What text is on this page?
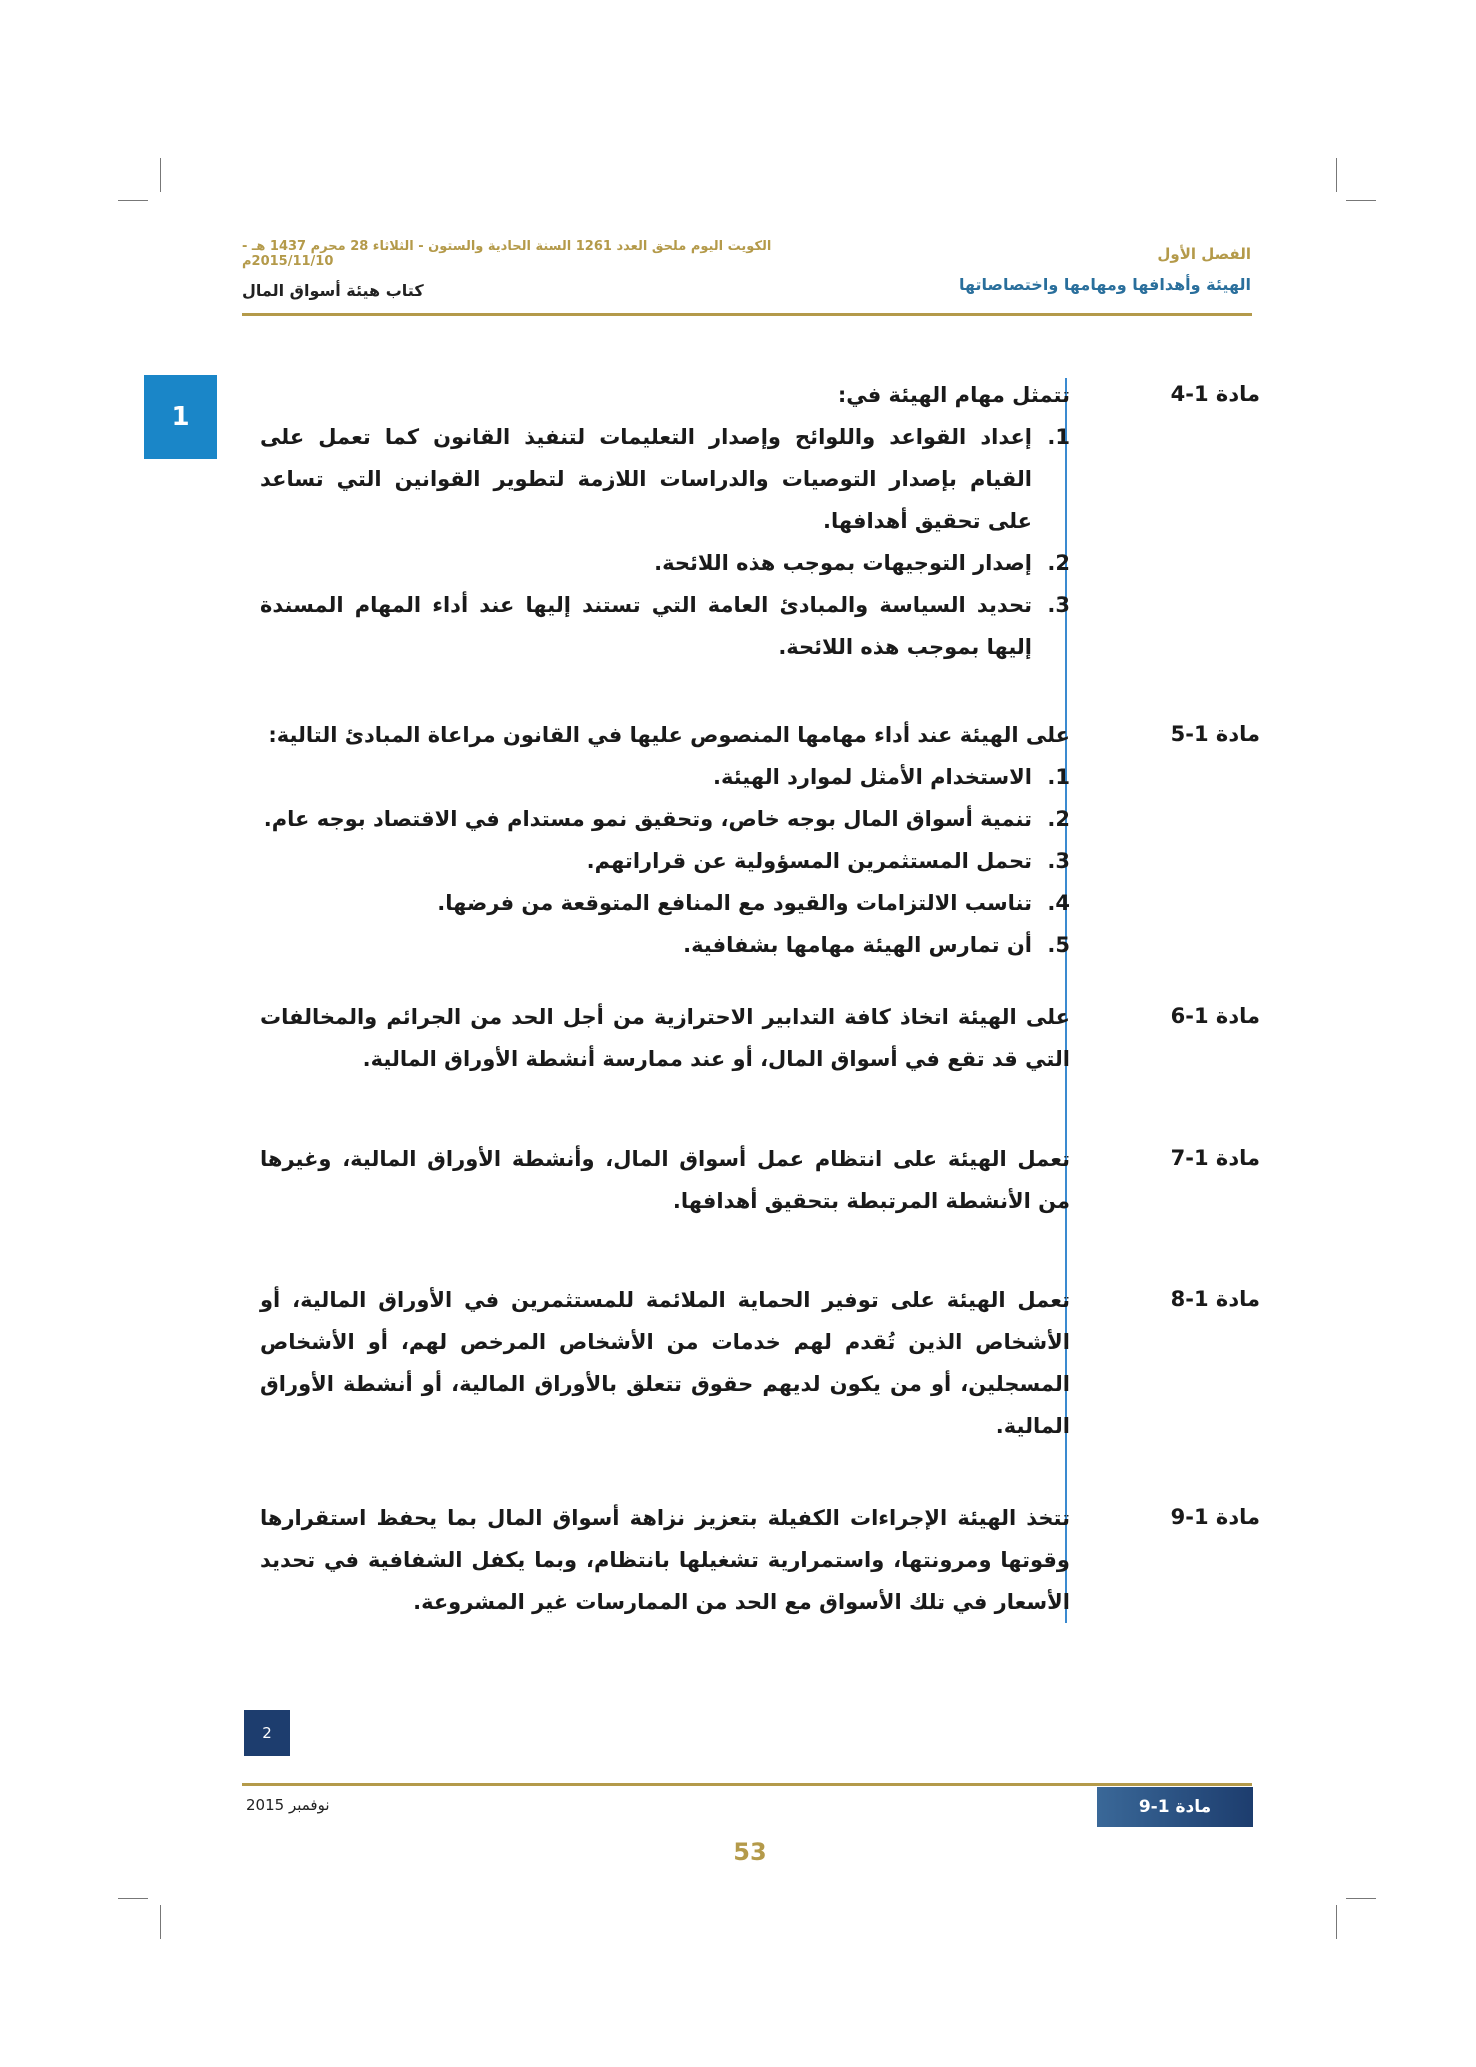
الفصل الأول
الهيئة وأهدافها ومهامها واختصاصاتها
الكويت اليوم ملحق العدد 1261 السنة الحادية والستون - الثلاثاء 28 محرم 1437 هـ - 2015/11/10م
كتاب هيئة أسواق المال
1
مادة 1-4

تتمثل مهام الهيئة في:

1.
إعداد القواعد واللوائح وإصدار التعليمات لتنفيذ القانون كما تعمل على القيام بإصدار التوصيات والدراسات اللازمة لتطوير القوانين التي تساعد على تحقيق أهدافها.
2.
إصدار التوجيهات بموجب هذه اللائحة.
3.
تحديد السياسة والمبادئ العامة التي تستند إليها عند أداء المهام المسندة إليها بموجب هذه اللائحة.
مادة 1-5

على الهيئة عند أداء مهامها المنصوص عليها في القانون مراعاة المبادئ التالية:

1.
الاستخدام الأمثل لموارد الهيئة.
2.
تنمية أسواق المال بوجه خاص، وتحقيق نمو مستدام في الاقتصاد بوجه عام.
3.
تحمل المستثمرين المسؤولية عن قراراتهم.
4.
تناسب الالتزامات والقيود مع المنافع المتوقعة من فرضها.
5.
أن تمارس الهيئة مهامها بشفافية.
مادة 1-6

على الهيئة اتخاذ كافة التدابير الاحترازية من أجل الحد من الجرائم والمخالفات التي قد تقع في أسواق المال، أو عند ممارسة أنشطة الأوراق المالية.

مادة 1-7

تعمل الهيئة على انتظام عمل أسواق المال، وأنشطة الأوراق المالية، وغيرها من الأنشطة المرتبطة بتحقيق أهدافها.

مادة 1-8

تعمل الهيئة على توفير الحماية الملائمة للمستثمرين في الأوراق المالية، أو الأشخاص الذين تُقدم لهم خدمات من الأشخاص المرخص لهم، أو الأشخاص المسجلين، أو من يكون لديهم حقوق تتعلق بالأوراق المالية، أو أنشطة الأوراق المالية.

مادة 1-9

تتخذ الهيئة الإجراءات الكفيلة بتعزيز نزاهة أسواق المال بما يحفظ استقرارها وقوتها ومرونتها، واستمرارية تشغيلها بانتظام، وبما يكفل الشفافية في تحديد الأسعار في تلك الأسواق مع الحد من الممارسات غير المشروعة.

2
نوفمبر 2015	مادة 1-9
53
